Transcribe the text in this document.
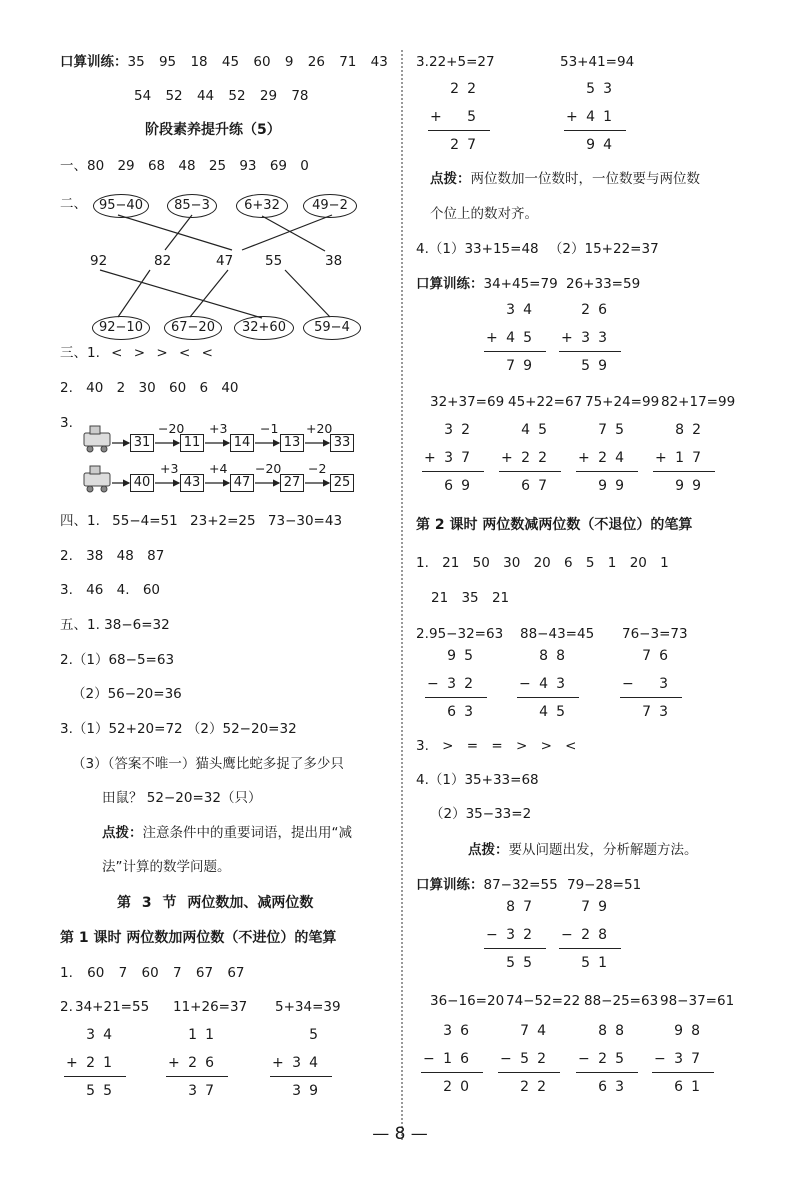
口算训练：35 95 18 45 60 9 26 71 43
54 52 44 52 29 78
阶段素养提升练（5）
一、80 29 68 48 25 93 69 0
二、 95−40	85−3	6+32	49−2
92	82	47 55	38
92−10	67−20	32+60	59−4
三、1. < > > < <
2. 40 2 30 60 6 40
3.
31	11	14	13	33
−20 +3	−1 +20
40	43	47	27	25
+3 +4 −20 −2
四、1. 55−4=51 23+2=25 73−30=43
2. 38 48 87
3. 46 4. 60
五、1. 38−6=32
2.（1）68−5=63
（2）56−20=36
3.（1）52+20=72 （2）52−20=32
（3）（答案不唯一）猫头鹰比蛇多捉了多少只
田鼠？ 52−20=32（只）
点拨：注意条件中的重要词语，提出用“减
法”计算的数学问题。
第 3 节 两位数加、减两位数
第 1 课时 两位数加两位数（不进位）的笔算
1. 60 7 60 7 67 67
2. 34+21=55 11+26=37 5+34=39
34
+ 21
55
11
+ 26
37
5
+ 34
39
22
+	5
27
53
+ 41
94
34
+ 45
79
26
+ 33
59
32
+ 37
69
45
+ 22
67
75
+ 24
99
82
+ 17
99
95
− 32
63
88
− 43
45
76
−	3
73
87
− 32
55
79
− 28
51
36
− 16
20
74
− 52
22
88
− 25
63
98
− 37
61
3. 22+5=27	53+41=94
点拨：两位数加一位数时，一位数要与两位数
个位上的数对齐。
4.（1）33+15=48 （2）15+22=37
口算训练：34+45=79 26+33=59
32+37=69 45+22=67 75+24=99 82+17=99
第 2 课时 两位数减两位数（不退位）的笔算
1. 21 50 30 20 6 5 1 20 1
21 35 21
2. 95−32=63 88−43=45 76−3=73
3. > = = > > <
4.（1）35+33=68
（2）35−33=2
点拨：要从问题出发，分析解题方法。
口算训练：87−32=55 79−28=51
36−16=20 74−52=22 88−25=63 98−37=61
— 8 —
